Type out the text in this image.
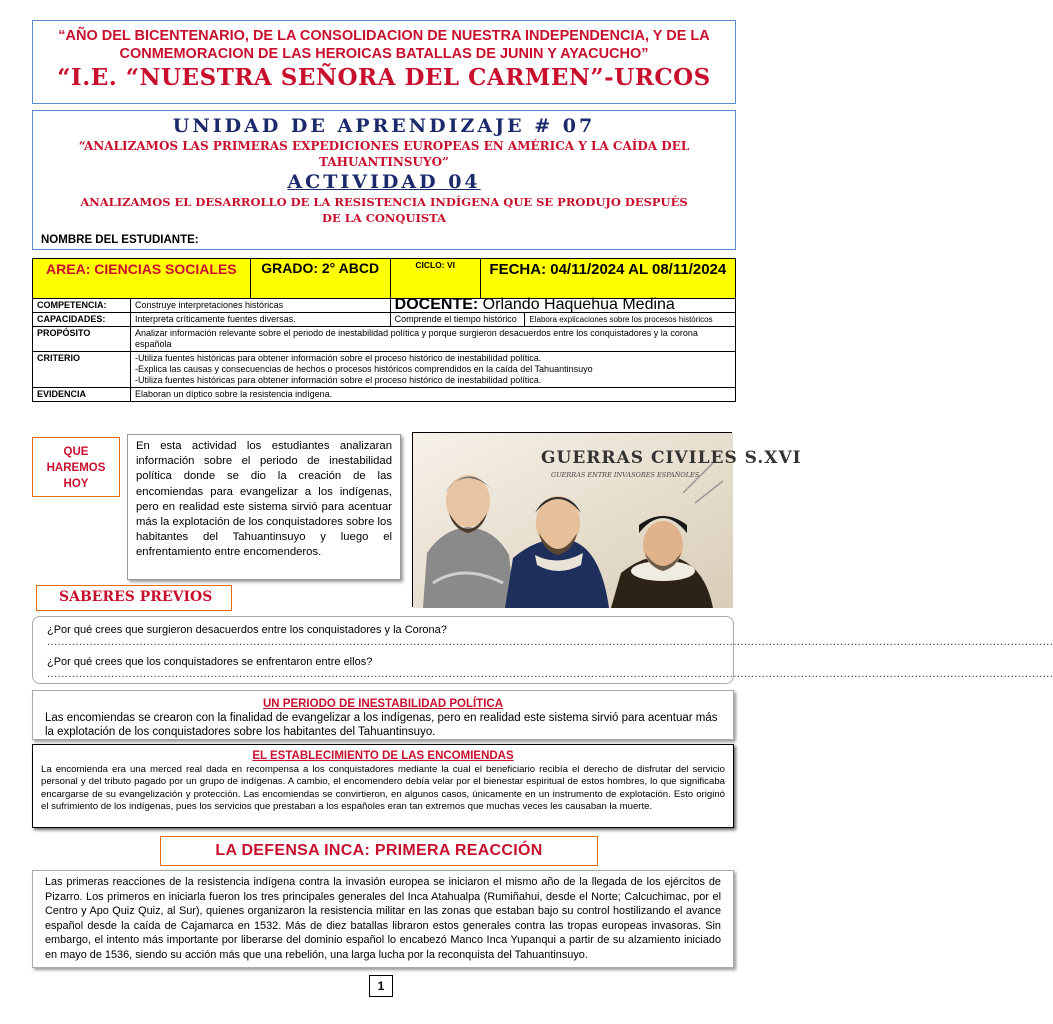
“AÑO DEL BICENTENARIO, DE LA CONSOLIDACION DE NUESTRA INDEPENDENCIA, Y DE LA CONMEMORACION DE LAS HEROICAS BATALLAS DE JUNIN Y AYACUCHO”
“I.E. “NUESTRA SEÑORA DEL CARMEN”-URCOS
UNIDAD DE APRENDIZAJE # 07
“ANALIZAMOS LAS PRIMERAS EXPEDICIONES EUROPEAS EN AMÉRICA Y LA CAÍDA DEL TAHUANTINSUYO”
ACTIVIDAD 04
ANALIZAMOS EL DESARROLLO DE LA RESISTENCIA INDÍGENA QUE SE PRODUJO DESPUÉS DE LA CONQUISTA
NOMBRE DEL ESTUDIANTE:
AREA: CIENCIAS SOCIALES		GRADO: 2° ABCD	CICLO: VI	FECHA: 04/11/2024 AL 08/11/2024	

COMPETENCIA:	Construye interpretaciones históricas		DOCENTE: Orlando Haquehua Medina		
CAPACIDADES:	Interpreta críticamente fuentes diversas.		Comprende el tiempo histórico		Elabora explicaciones sobre los procesos históricos
PROPÓSITO	Analizar información relevante sobre el periodo de inestabilidad política y porque surgieron desacuerdos entre los conquistadores y la corona española				
CRITERIO	-Utiliza fuentes históricas para obtener información sobre el proceso histórico de inestabilidad política.
-Explica las causas y consecuencias de hechos o procesos históricos comprendidos en la caída del Tahuantinsuyo
-Utiliza fuentes históricas para obtener información sobre el proceso histórico de inestabilidad política.				

EVIDENCIA	Elaboran un díptico sobre la resistencia indígena.				
QUE HAREMOS HOY
En esta actividad los estudiantes analizaran información sobre el periodo de inestabilidad política donde se dio la creación de las encomiendas para evangelizar a los indígenas, pero en realidad este sistema sirvió para acentuar más la explotación de los conquistadores sobre los habitantes del Tahuantinsuyo y luego el enfrentamiento entre encomenderos.
GUERRAS CIVILES S.XVI
GUERRAS ENTRE INVASORES ESPAÑOLES
SABERES PREVIOS
¿Por qué crees que surgieron desacuerdos entre los conquistadores y la Corona?
...........................................................................................................................................................................................................................................................................................
¿Por qué crees que los conquistadores se enfrentaron entre ellos?
...........................................................................................................................................................................................................................................................................................
UN PERIODO DE INESTABILIDAD POLÍTICA
Las encomiendas se crearon con la finalidad de evangelizar a los indígenas, pero en realidad este sistema sirvió para acentuar más la explotación de los conquistadores sobre los habitantes del Tahuantinsuyo.
EL ESTABLECIMIENTO DE LAS ENCOMIENDAS
La encomienda era una merced real dada en recompensa a los conquistadores mediante la cual el beneficiario recibía el derecho de disfrutar del servicio personal y del tributo pagado por un grupo de indígenas. A cambio, el encomendero debía velar por el bienestar espiritual de estos hombres, lo que significaba encargarse de su evangelización y protección. Las encomiendas se convirtieron, en algunos casos, únicamente en un instrumento de explotación. Esto originó el sufrimiento de los indígenas, pues los servicios que prestaban a los españoles eran tan extremos que muchas veces les causaban la muerte.
LA DEFENSA INCA: PRIMERA REACCIÓN
Las primeras reacciones de la resistencia indígena contra la invasión europea se iniciaron el mismo año de la llegada de los ejércitos de Pizarro. Los primeros en iniciarla fueron los tres principales generales del Inca Atahualpa (Rumiñahui, desde el Norte; Calcuchimac, por el Centro y Apo Quiz Quiz, al Sur), quienes organizaron la resistencia militar en las zonas que estaban bajo su control hostilizando el avance español desde la caída de Cajamarca en 1532. Más de diez batallas libraron estos generales contra las tropas europeas invasoras. Sin embargo, el intento más importante por liberarse del dominio español lo encabezó Manco Inca Yupanqui a partir de su alzamiento iniciado en mayo de 1536, siendo su acción más que una rebelión, una larga lucha por la reconquista del Tahuantinsuyo.
1
